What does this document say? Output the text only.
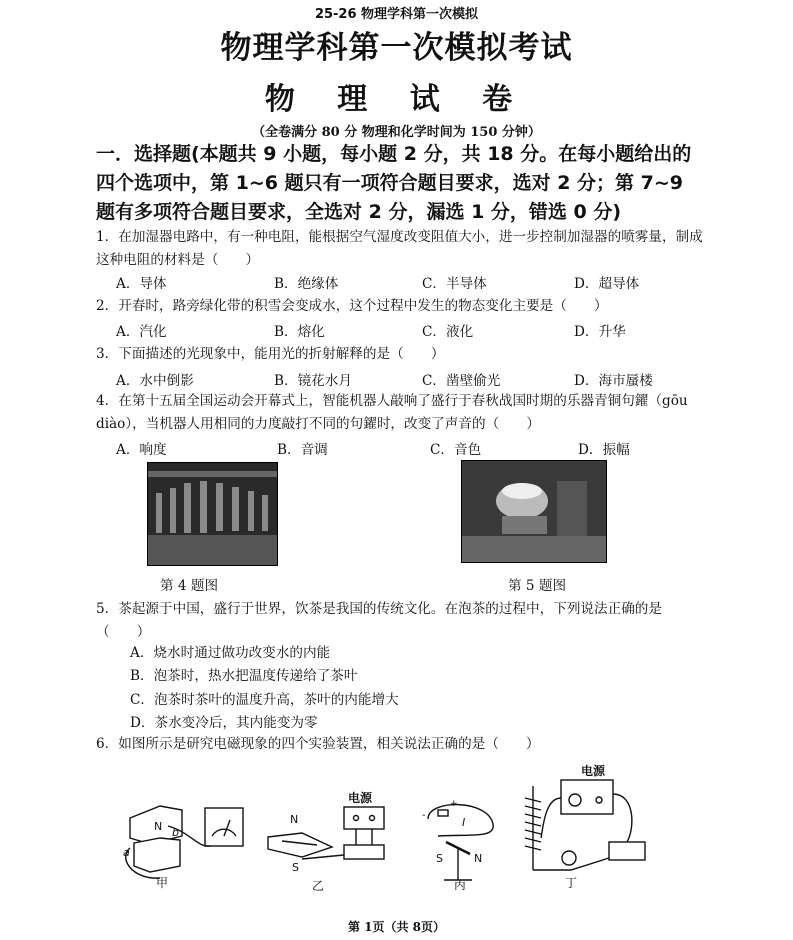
25-26 物理学科第一次模拟
物理学科第一次模拟考试
物 理 试 卷
（全卷满分 80 分 物理和化学时间为 150 分钟）
一．选择题(本题共 9 小题，每小题 2 分，共 18 分。在每小题给出的四个选项中，第 1~6 题只有一项符合题目要求，选对 2 分；第 7~9 题有多项符合题目要求，全选对 2 分，漏选 1 分，错选 0 分)
1．在加湿器电路中，有一种电阻，能根据空气湿度改变阻值大小，进一步控制加湿器的喷雾量，制成这种电阻的材料是（　　）
A．导体	B．绝缘体	C．半导体	D．超导体
2．开春时，路旁绿化带的积雪会变成水，这个过程中发生的物态变化主要是（　　）
A．汽化	B．熔化	C．液化	D．升华
3．下面描述的光现象中，能用光的折射解释的是（　　）
A．水中倒影	B．镜花水月	C．凿壁偷光	D．海市蜃楼
4．在第十五届全国运动会开幕式上，智能机器人敲响了盛行于春秋战国时期的乐器青铜句鑃（gōu diào），当机器人用相同的力度敲打不同的句鑃时，改变了声音的（　　）
A．响度	B．音调	C．音色	D．振幅
第 4 题图	第 5 题图
5．茶起源于中国，盛行于世界，饮茶是我国的传统文化。在泡茶的过程中，下列说法正确的是（　　）
A．烧水时通过做功改变水的内能
B．泡茶时，热水把温度传递给了茶叶
C．泡茶时茶叶的温度升高，茶叶的内能增大
D．茶水变冷后，其内能变为零
6．如图所示是研究电磁现象的四个实验装置，相关说法正确的是（　　）
N b
a
甲
N
S
电源
乙
+
-
I
S	N
丙
电源
丁
第 1页（共 8页）
